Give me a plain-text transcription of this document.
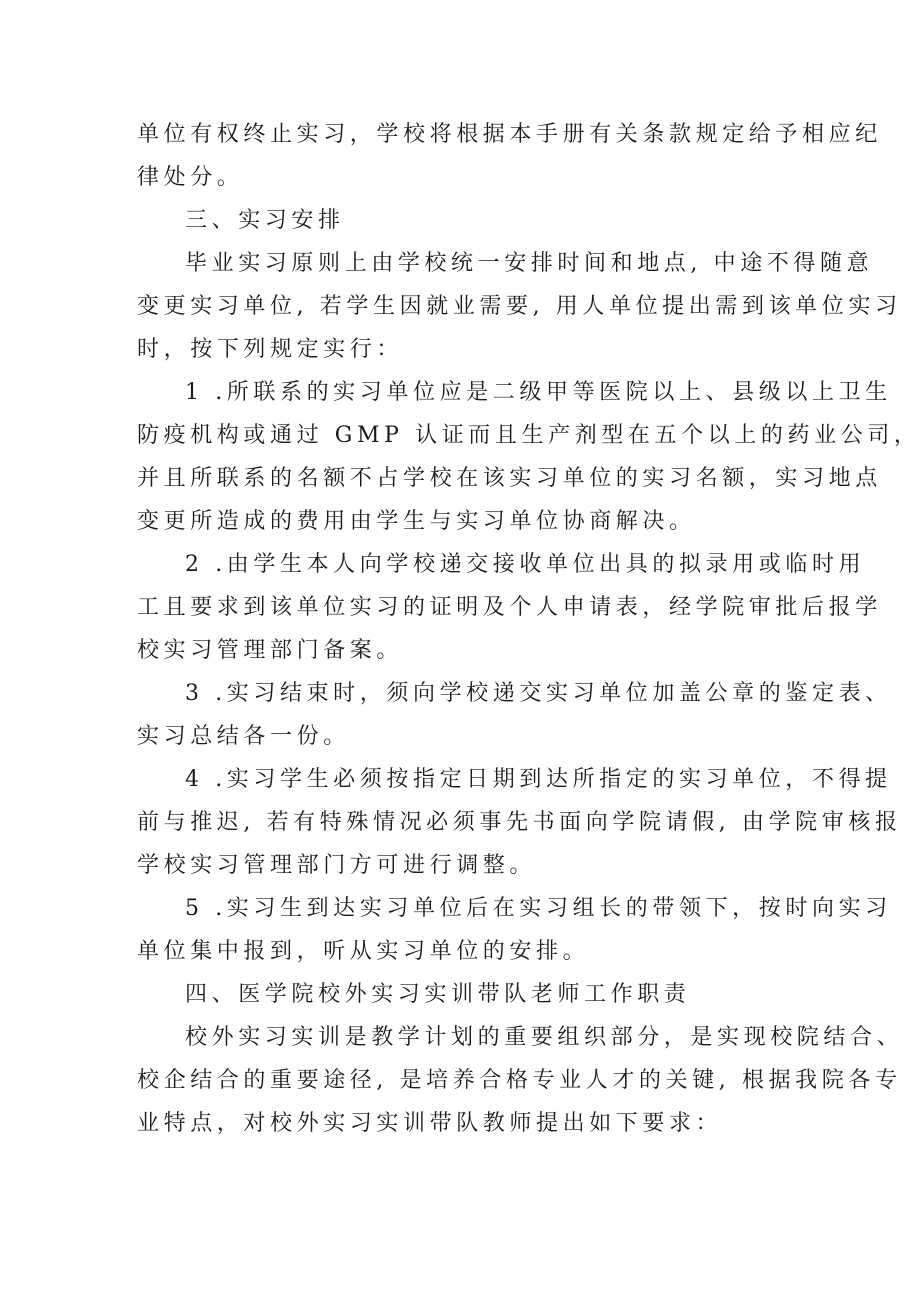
单位有权终止实习，学校将根据本手册有关条款规定给予相应纪
律处分。
三、实习安排
毕业实习原则上由学校统一安排时间和地点, 中途不得随意
变更实习单位, 若学生因就业需要, 用人单位提出需到该单位实习
时，按下列规定实行：
1 .所联系的实习单位应是二级甲等医院以上、县级以上卫生
防疫机构或通过 GMP 认证而且生产剂型在五个以上的药业公司，
并且所联系的名额不占学校在该实习单位的实习名额，实习地点
变更所造成的费用由学生与实习单位协商解决。
2 .由学生本人向学校递交接收单位出具的拟录用或临时用
工且要求到该单位实习的证明及个人申请表，经学院审批后报学
校实习管理部门备案。
3 .实习结束时，须向学校递交实习单位加盖公章的鉴定表、
实习总结各一份。
4 .实习学生必须按指定日期到达所指定的实习单位，不得提
前与推迟, 若有特殊情况必须事先书面向学院请假, 由学院审核报
学校实习管理部门方可进行调整。
5 .实习生到达实习单位后在实习组长的带领下，按时向实习
单位集中报到，听从实习单位的安排。
四、医学院校外实习实训带队老师工作职责
校外实习实训是教学计划的重要组织部分，是实现校院结合、
校企结合的重要途径, 是培养合格专业人才的关键, 根据我院各专
业特点，对校外实习实训带队教师提出如下要求：
